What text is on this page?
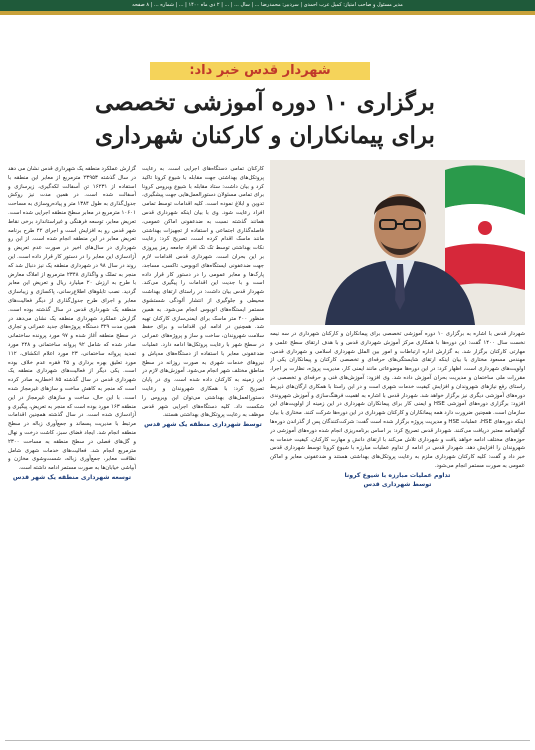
مدیر مسئول و صاحب امتیاز: کمیل عرب احمدی | سردبیر: محمدرضا ... | سال ... | ... | ۲ دی ماه ۱۴۰۰ | ... | شماره ... | ۸ صفحه
شهردار قدس خبر داد:
برگزاری ۱۰ دوره آموزشی تخصصی
برای پیمانکاران و کارکنان شهرداری

شهردار قدس با اشاره به برگزاری ۱۰ دوره آموزشی تخصصی برای پیمانکاران و کارکنان شهرداری در سه نیمه نخست سال ۱۴۰۰ گفت: این دوره‌ها با همکاری مرکز آموزش شهرداری قدس و با هدف ارتقای سطح علمی و مهارتی کارکنان برگزار شد. به گزارش اداره ارتباطات و امور بین الملل شهرداری اسلامی و شهرداری قدس، مهندس مسعود مختاری با بیان اینکه ارتقای شایستگی‌های حرفه‌ای و تخصصی کارکنان و پیمانکاران یکی از اولویت‌های شهرداری است، اظهار کرد: در این دوره‌ها موضوعاتی مانند ایمنی کار، مدیریت پروژه، نظارت بر اجرا، مقررات ملی ساختمان و مدیریت بحران آموزش داده شد. وی افزود: آموزش‌های فنی و حرفه‌ای و تخصصی در راستای رفع نیازهای شهروندان و افزایش کیفیت خدمات شهری است و در این راستا با همکاری ارگان‌های ذیربط دوره‌های آموزشی دیگری نیز برگزار خواهد شد. شهردار قدس با اشاره به اهمیت فرهنگ‌سازی و آموزش شهروندی افزود: برگزاری دوره‌های آموزشی HSE و ایمنی کار برای پیمانکاران شهرداری در این زمینه از اولویت‌های این سازمان است. همچنین ضرورت دارد همه پیمانکاران و کارکنان شهرداری در این دوره‌ها شرکت کنند. مختاری با بیان اینکه دوره‌های HSE، عملیات HSE و مدیریت پروژه برگزار شده است گفت: شرکت‌کنندگان پس از گذراندن دوره‌ها گواهینامه معتبر دریافت می‌کنند. شهردار قدس تصریح کرد: بر اساس برنامه‌ریزی انجام شده دوره‌های آموزشی در حوزه‌های مختلف ادامه خواهد یافت و شهرداری تلاش می‌کند با ارتقای دانش و مهارت کارکنان، کیفیت خدمات به شهروندان را افزایش دهد. شهردار قدس در ادامه از تداوم عملیات مبارزه با شیوع کرونا توسط شهرداری قدس خبر داد و گفت: کلیه کارکنان شهرداری ملزم به رعایت پروتکل‌های بهداشتی هستند و ضدعفونی معابر و اماکن عمومی به صورت مستمر انجام می‌شود.

تداوم عملیات مبارزه با شیوع کرونا
توسط شهرداری قدس

کارکنان تمامی دستگاه‌های اجرایی است. به رعایت پروتکل‌های بهداشتی جهت مقابله با شیوع کرونا تاکید کرد و بیان داشت: ستاد مقابله با شیوع ویروس کرونا برای تمامی مسئولان دستورالعمل‌هایی جهت پیشگیری، تدوین و ابلاغ نموده است. کلیه اقدامات توسط تمامی افراد رعایت شود. وی با بیان اینکه شهرداری قدس همانند گذشته نسبت به ضدعفونی اماکن عمومی، فاصله‌گذاری اجتماعی و استفاده از تجهیزات بهداشتی مانند ماسک اقدام کرده است، تصریح کرد: رعایت نکات بهداشتی توسط تک تک افراد جامعه رمز پیروزی بر این بحران است. شهرداری قدس اقدامات لازم جهت ضدعفونی ایستگاه‌های اتوبوس، تاکسی، مساجد، پارک‌ها و معابر عمومی را در دستور کار قرار داده است و با جدیت این اقدامات را پیگیری می‌کند. شهردار قدس بیان داشت: در راستای ارتقای بهداشت محیطی و جلوگیری از انتشار آلودگی شستشوی مستمر ایستگاه‌های اتوبوس انجام می‌شود. به همین منظور ۴۰۰ متر ماسک برای ایمنی‌سازی کارکنان تهیه شد. همچنین در ادامه این اقدامات و برای حفظ سلامت شهروندان، ساخت و ساز و پروژه‌های عمرانی در سطح شهر با رعایت پروتکل‌ها ادامه دارد. عملیات ضدعفونی معابر با استفاده از دستگاه‌های مه‌پاش و نیروهای خدمات شهری به صورت روزانه در سطح مناطق مختلف شهر انجام می‌شود. آموزش‌های لازم در این زمینه به کارکنان داده شده است. وی در پایان تصریح کرد: با همکاری شهروندان و رعایت دستورالعمل‌های بهداشتی می‌توان این ویروس را شکست داد. کلیه دستگاه‌های اجرایی شهر قدس موظف به رعایت پروتکل‌های بهداشتی هستند.

توسط شهرداری منطقه یک شهر قدس

گزارش عملکرد منطقه یک شهرداری قدس نشان می دهد در سال گذشته ۲۳۹۵۳ مترمربع از معابر این منطقه با استفاده از ۱۶۲۳۱ تن آسفالت لکه‌گیری، زیرسازی و آسفالت شده است. در همین مدت نیز روکش جدول‌گذاری به طول ۱۳۸۴ متر و پیاده‌روسازی به مساحت ۱۰۶۰۱ مترمربع در معابر سطح منطقه اجرایی شده است. تعریض معابر، توسعه فرهنگی و غیراستاندارد برخی نقاط شهر قدس رو به افزایش است و اجرای ۴۲ طرح برنامه تعریض معابر در این منطقه انجام شده است. از این رو شهرداری در سال‌های اخیر در صورت عدم تعریض و آزادسازی این معابر را در دستور کار قرار داده است. این روند در سال ۹۸ در شهرداری منطقه یک نیز دنبال شد که منجر به تملک و واگذاری ۲۳۴۸ مترمربع از املاک معارض با طرح به ارزش ۲۰ میلیارد ریال و تعریض این معابر گردید. نصب تابلوهای اطلاع‌رسانی، پاکسازی و زیباسازی معابر و اجرای طرح جدول‌گذاری از دیگر فعالیت‌های منطقه یک شهرداری قدس در سال گذشته بوده است. گزارش عملکرد شهرداری منطقه یک نشان می‌دهد در همین مدت ۳۲۹ دستگاه پروژه‌های جدید عمرانی و تجاری در سطح منطقه آغاز شده و ۹۷ مورد پرونده ساختمانی صادر شده که شامل ۹۲ پروانه ساختمانی و ۲۴۸ مورد تمدید پروانه ساختمانی، ۲۳ مورد اعلام انکشاف، ۱۱۲ مورد تعلیق بهره برداری و ۴۵ فقره عدم خلاف بوده است. یکی دیگر از فعالیت‌های شهرداری منطقه یک شهرداری قدس در سال گذشته ۸۵ اخطاریه صادر کرده است که منجر به کاهش ساخت و سازهای غیرمجاز شده است. با این حال، ساخت و سازهای غیرمجاز در این منطقه ۱۶۳ مورد بوده است که منجر به تعریض، پیگیری و آزادسازی شده است. در سال گذشته همچنین اقدامات مرتبط با مدیریت پسماند و جمع‌آوری زباله در سطح منطقه انجام شد. ایجاد فضای سبز، کاشت درخت و نهال و گل‌های فصلی در سطح منطقه به مساحت ۲۳۰۰ مترمربع انجام شد. فعالیت‌های خدمات شهری شامل نظافت معابر، جمع‌آوری زباله، شست‌وشوی مخازن و آبپاشی خیابان‌ها به صورت مستمر ادامه داشته است.

توسعه شهرداری منطقه یک شهر قدس
